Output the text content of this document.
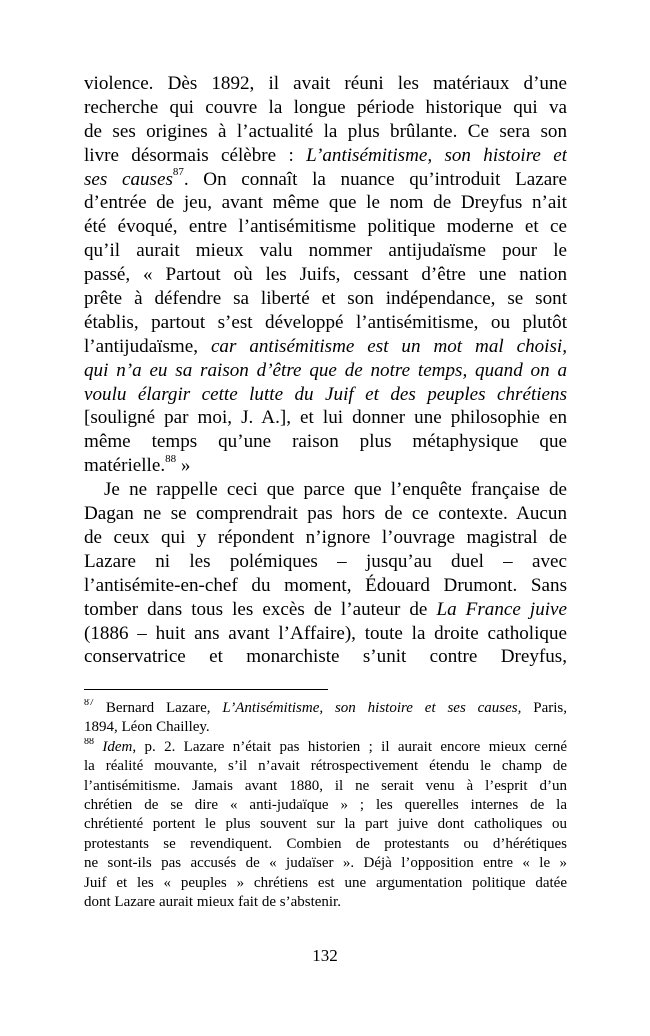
violence. Dès 1892, il avait réuni les matériaux d’une
recherche qui couvre la longue période historique qui va
de ses origines à l’actualité la plus brûlante. Ce sera son
livre désormais célèbre : L’antisémitisme, son histoire et
ses causes$^{87}$. On connaît la nuance qu’introduit Lazare
d’entrée de jeu, avant même que le nom de Dreyfus n’ait
été évoqué, entre l’antisémitisme politique moderne et ce
qu’il aurait mieux valu nommer antijudaïsme pour le
passé, « Partout où les Juifs, cessant d’être une nation
prête à défendre sa liberté et son indépendance, se sont
établis, partout s’est développé l’antisémitisme, ou plutôt
l’antijudaïsme, car antisémitisme est un mot mal choisi,
qui n’a eu sa raison d’être que de notre temps, quand on a
voulu élargir cette lutte du Juif et des peuples chrétiens
[souligné par moi, J. A.], et lui donner une philosophie en
même temps qu’une raison plus métaphysique que
matérielle.$^{88}$ »
Je ne rappelle ceci que parce que l’enquête française de
Dagan ne se comprendrait pas hors de ce contexte. Aucun
de ceux qui y répondent n’ignore l’ouvrage magistral de
Lazare ni les polémiques – jusqu’au duel – avec
l’antisémite-en-chef du moment, Édouard Drumont. Sans
tomber dans tous les excès de l’auteur de La France juive
(1886 – huit ans avant l’Affaire), toute la droite catholique
conservatrice et monarchiste s’unit contre Dreyfus,
$^{87}$ Bernard Lazare, L’Antisémitisme, son histoire et ses causes, Paris,
1894, Léon Chailley.
$^{88}$ Idem, p. 2. Lazare n’était pas historien ; il aurait encore mieux cerné
la réalité mouvante, s’il n’avait rétrospectivement étendu le champ de
l’antisémitisme. Jamais avant 1880, il ne serait venu à l’esprit d’un
chrétien de se dire « anti-judaïque » ; les querelles internes de la
chrétienté portent le plus souvent sur la part juive dont catholiques ou
protestants se revendiquent. Combien de protestants ou d’hérétiques
ne sont-ils pas accusés de « judaïser ». Déjà l’opposition entre « le »
Juif et les « peuples » chrétiens est une argumentation politique datée
dont Lazare aurait mieux fait de s’abstenir.
132
